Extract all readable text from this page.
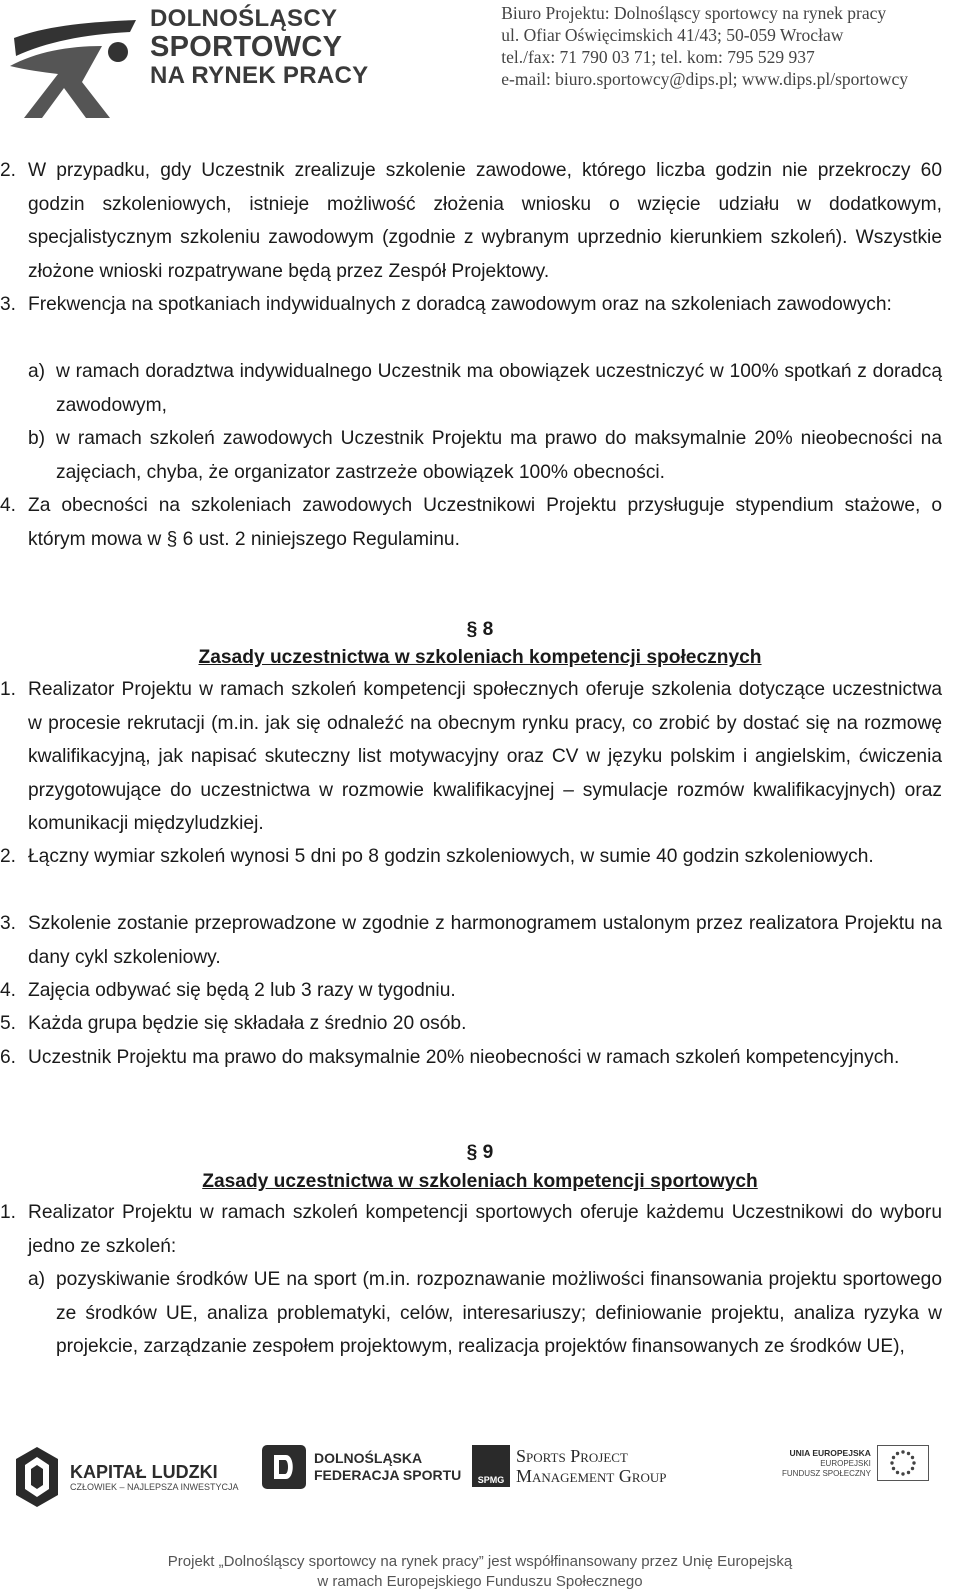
DOLNOŚLĄSCY
SPORTOWCY
NA RYNEK PRACY
Biuro Projektu: Dolnośląscy sportowcy na rynek pracy
ul. Ofiar Oświęcimskich 41/43; 50-059 Wrocław
tel./fax: 71 790 03 71; tel. kom: 795 529 937
e-mail: biuro.sportowcy@dips.pl; www.dips.pl/sportowcy
2. W przypadku, gdy Uczestnik zrealizuje szkolenie zawodowe, którego liczba godzin nie przekroczy 60 godzin szkoleniowych, istnieje możliwość złożenia wniosku o wzięcie udziału w dodatkowym, specjalistycznym szkoleniu zawodowym (zgodnie z wybranym uprzednio kierunkiem szkoleń). Wszystkie złożone wnioski rozpatrywane będą przez Zespół Projektowy.
3. Frekwencja na spotkaniach indywidualnych z doradcą zawodowym oraz na szkoleniach zawodowych:
a) w ramach doradztwa indywidualnego Uczestnik ma obowiązek uczestniczyć w 100% spotkań z doradcą zawodowym,
b) w ramach szkoleń zawodowych Uczestnik Projektu ma prawo do maksymalnie 20% nieobecności na zajęciach, chyba, że organizator zastrzeże obowiązek 100% obecności.
4. Za obecności na szkoleniach zawodowych Uczestnikowi Projektu przysługuje stypendium stażowe, o którym mowa w § 6 ust. 2 niniejszego Regulaminu.
§ 8
Zasady uczestnictwa w szkoleniach kompetencji społecznych
1. Realizator Projektu w ramach szkoleń kompetencji społecznych oferuje szkolenia dotyczące uczestnictwa w procesie rekrutacji (m.in. jak się odnaleźć na obecnym rynku pracy, co zrobić by dostać się na rozmowę kwalifikacyjną, jak napisać skuteczny list motywacyjny oraz CV w języku polskim i angielskim, ćwiczenia przygotowujące do uczestnictwa w rozmowie kwalifikacyjnej – symulacje rozmów kwalifikacyjnych) oraz komunikacji międzyludzkiej.
2. Łączny wymiar szkoleń wynosi 5 dni po 8 godzin szkoleniowych, w sumie 40 godzin szkoleniowych.
3. Szkolenie zostanie przeprowadzone w zgodnie z harmonogramem ustalonym przez realizatora Projektu na dany cykl szkoleniowy.
4. Zajęcia odbywać się będą 2 lub 3 razy w tygodniu.
5. Każda grupa będzie się składała z średnio 20 osób.
6. Uczestnik Projektu ma prawo do maksymalnie 20% nieobecności w ramach szkoleń kompetencyjnych.
§ 9
Zasady uczestnictwa w szkoleniach kompetencji sportowych
1. Realizator Projektu w ramach szkoleń kompetencji sportowych oferuje każdemu Uczestnikowi do wyboru jedno ze szkoleń:
a) pozyskiwanie środków UE na sport (m.in. rozpoznawanie możliwości finansowania projektu sportowego ze środków UE, analiza problematyki, celów, interesariuszy; definiowanie projektu, analiza ryzyka w projekcie, zarządzanie zespołem projektowym, realizacja projektów finansowanych ze środków UE),
KAPITAŁ LUDZKI
CZŁOWIEK – NAJLEPSZA INWESTYCJA
DOLNOŚLĄSKA
FEDERACJA SPORTU SPMG
Sports Project
Management Group
UNIA EUROPEJSKA
EUROPEJSKI
FUNDUSZ SPOŁECZNY
Projekt „Dolnośląscy sportowcy na rynek pracy” jest współfinansowany przez Unię Europejską
w ramach Europejskiego Funduszu Społecznego
